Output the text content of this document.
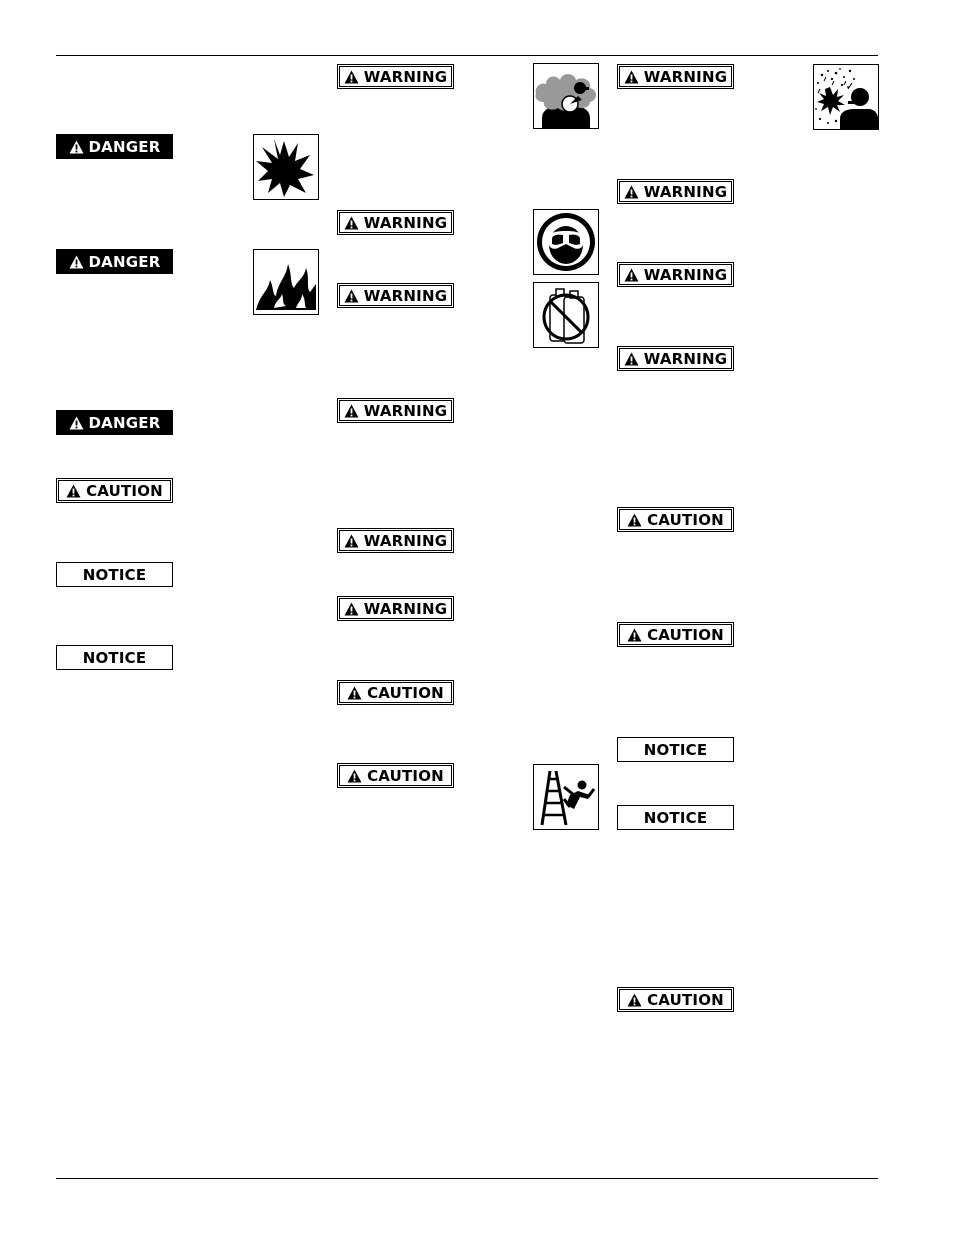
DANGER
DANGER
DANGER
CAUTION
NOTICE
NOTICE
WARNING
WARNING
WARNING
WARNING
WARNING
WARNING
CAUTION
CAUTION
WARNING
WARNING
WARNING
WARNING
CAUTION
CAUTION
NOTICE
NOTICE
CAUTION
